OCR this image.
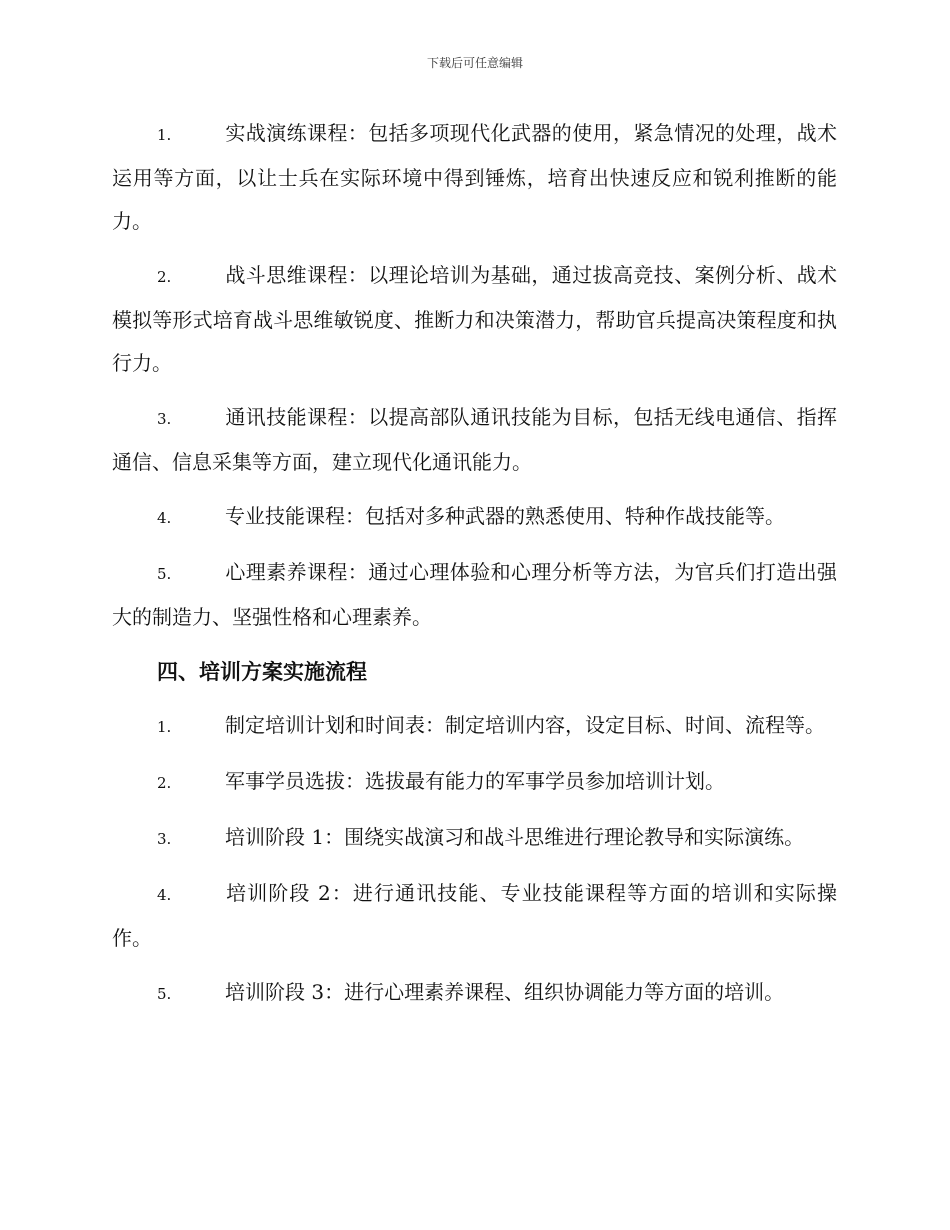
下载后可任意编辑

1.	实战演练课程：包括多项现代化武器的使用，紧急情况的处理，战术运用等方面，以让士兵在实际环境中得到锤炼，培育出快速反应和锐利推断的能力。

2.	战斗思维课程：以理论培训为基础，通过拔高竞技、案例分析、战术模拟等形式培育战斗思维敏锐度、推断力和决策潜力，帮助官兵提高决策程度和执行力。

3.	通讯技能课程：以提高部队通讯技能为目标，包括无线电通信、指挥通信、信息采集等方面，建立现代化通讯能力。

4.	专业技能课程：包括对多种武器的熟悉使用、特种作战技能等。

5.	心理素养课程：通过心理体验和心理分析等方法，为官兵们打造出强大的制造力、坚强性格和心理素养。

四、培训方案实施流程

1.	制定培训计划和时间表：制定培训内容，设定目标、时间、流程等。

2.	军事学员选拔：选拔最有能力的军事学员参加培训计划。

3.	培训阶段 1：围绕实战演习和战斗思维进行理论教导和实际演练。

4.	培训阶段 2：进行通讯技能、专业技能课程等方面的培训和实际操作。

5.	培训阶段 3：进行心理素养课程、组织协调能力等方面的培训。
